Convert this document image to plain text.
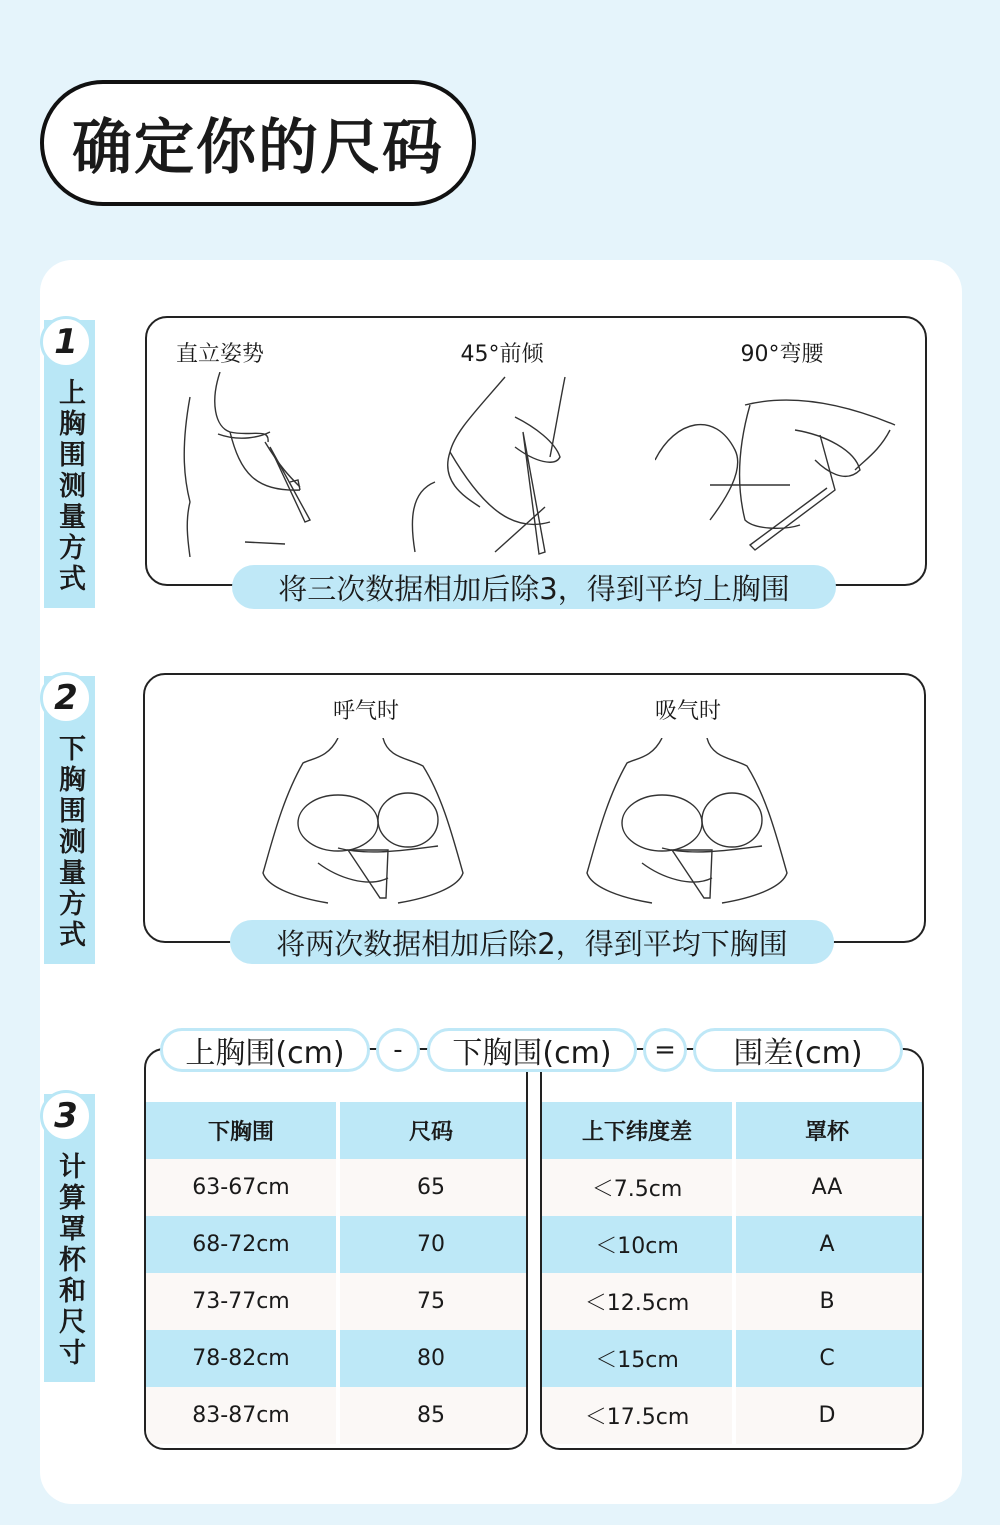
确定你的尺码
1
上胸围测量方式
2
下胸围测量方式
3
计算罩杯和尺寸
直立姿势	45°前倾	90°弯腰
将三次数据相加后除3，得到平均上胸围
呼气时	吸气时
将两次数据相加后除2，得到平均下胸围
下胸围	尺码
63-67cm	65
68-72cm	70
73-77cm	75
78-82cm	80
83-87cm	85
上下纬度差	罩杯
＜7.5cm	AA
＜10cm	A
＜12.5cm	B
＜15cm	C
＜17.5cm	D
上胸围(cm)	-	下胸围(cm)	=	围差(cm)
